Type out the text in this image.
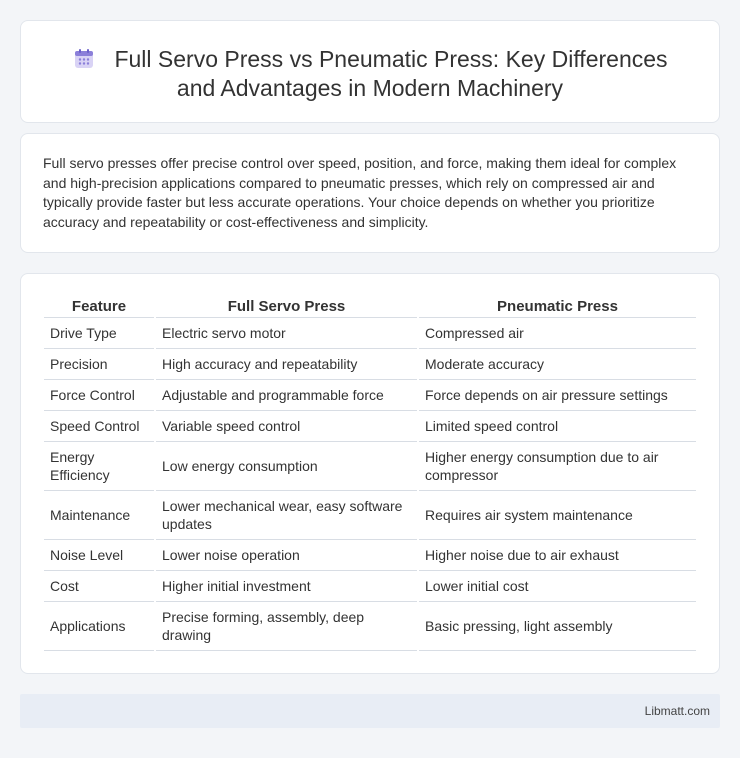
Full Servo Press vs Pneumatic Press: Key Differences and Advantages in Modern Machinery

Full servo presses offer precise control over speed, position, and force, making them ideal for complex and high-precision applications compared to pneumatic presses, which rely on compressed air and typically provide faster but less accurate operations. Your choice depends on whether you prioritize accuracy and repeatability or cost-effectiveness and simplicity.

Feature	Full Servo Press	Pneumatic Press
Drive Type	Electric servo motor	Compressed air
Precision	High accuracy and repeatability	Moderate accuracy
Force Control	Adjustable and programmable force	Force depends on air pressure settings
Speed Control	Variable speed control	Limited speed control
Energy Efficiency	Low energy consumption	Higher energy consumption due to air compressor
Maintenance	Lower mechanical wear, easy software updates	Requires air system maintenance
Noise Level	Lower noise operation	Higher noise due to air exhaust
Cost	Higher initial investment	Lower initial cost
Applications	Precise forming, assembly, deep drawing	Basic pressing, light assembly
Libmatt.com
